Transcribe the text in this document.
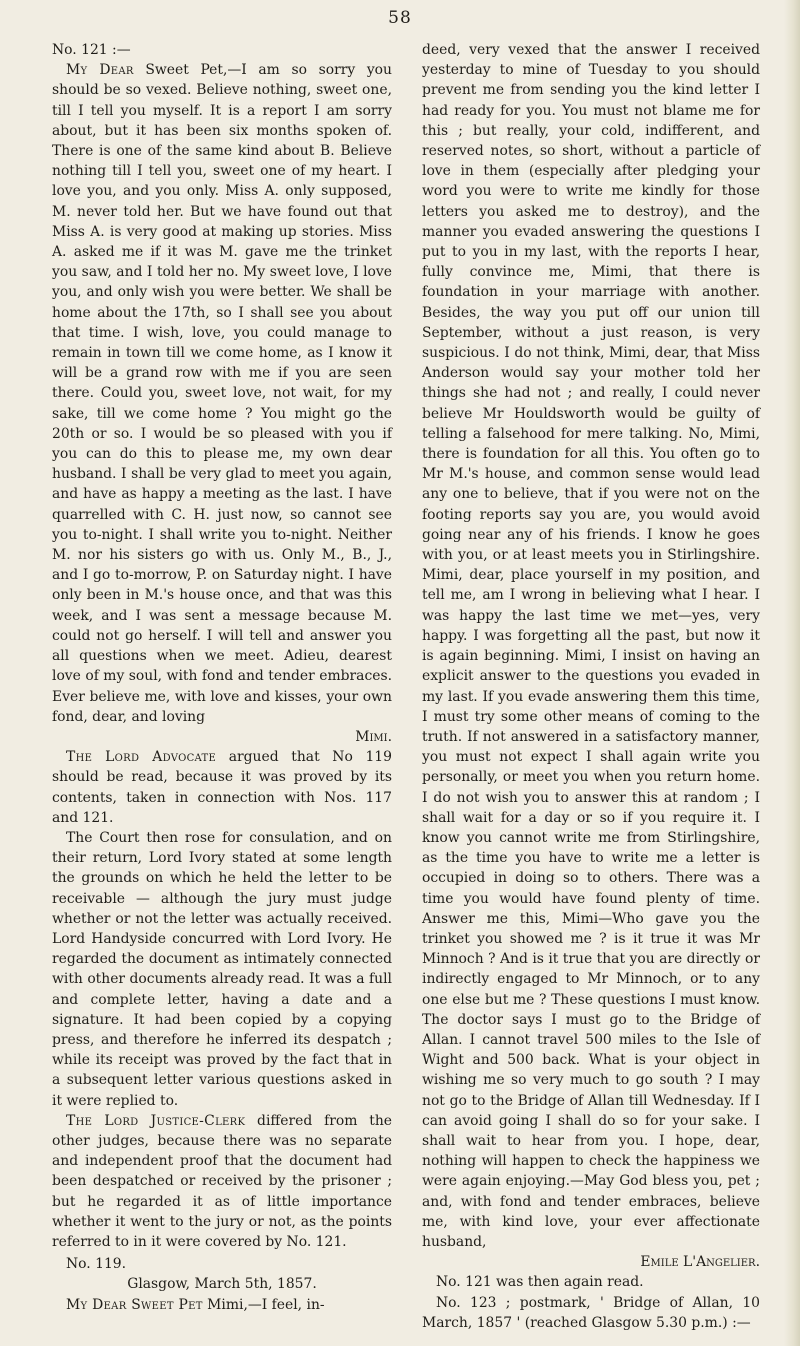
58

No. 121 :—

My Dear Sweet Pet,—I am so sorry you should be so vexed. Believe nothing, sweet one, till I tell you myself. It is a report I am sorry about, but it has been six months spoken of. There is one of the same kind about B. Believe nothing till I tell you, sweet one of my heart. I love you, and you only. Miss A. only supposed, M. never told her. But we have found out that Miss A. is very good at making up stories. Miss A. asked me if it was M. gave me the trinket you saw, and I told her no. My sweet love, I love you, and only wish you were better. We shall be home about the 17th, so I shall see you about that time. I wish, love, you could manage to remain in town till we come home, as I know it will be a grand row with me if you are seen there. Could you, sweet love, not wait, for my sake, till we come home ? You might go the 20th or so. I would be so pleased with you if you can do this to please me, my own dear husband. I shall be very glad to meet you again, and have as happy a meeting as the last. I have quarrelled with C. H. just now, so cannot see you to-night. I shall write you to-night. Neither M. nor his sisters go with us. Only M., B., J., and I go to-morrow, P. on Saturday night. I have only been in M.'s house once, and that was this week, and I was sent a message because M. could not go herself. I will tell and answer you all questions when we meet. Adieu, dearest love of my soul, with fond and tender embraces. Ever believe me, with love and kisses, your own fond, dear, and loving

Mimi.

The Lord Advocate argued that No 119 should be read, because it was proved by its contents, taken in connection with Nos. 117 and 121.

The Court then rose for consulation, and on their return, Lord Ivory stated at some length the grounds on which he held the letter to be receivable — although the jury must judge whether or not the letter was actually received. Lord Handyside concurred with Lord Ivory. He regarded the document as intimately connected with other documents already read. It was a full and complete letter, having a date and a signature. It had been copied by a copying press, and therefore he inferred its despatch ; while its receipt was proved by the fact that in a subsequent letter various questions asked in it were replied to.

The Lord Justice-Clerk differed from the other judges, because there was no separate and independent proof that the document had been despatched or received by the prisoner ; but he regarded it as of little importance whether it went to the jury or not, as the points referred to in it were covered by No. 121.

No. 119.

Glasgow, March 5th, 1857.

My Dear Sweet Pet Mimi,—I feel, in-

deed, very vexed that the answer I received yesterday to mine of Tuesday to you should prevent me from sending you the kind letter I had ready for you. You must not blame me for this ; but really, your cold, indifferent, and reserved notes, so short, without a particle of love in them (especially after pledging your word you were to write me kindly for those letters you asked me to destroy), and the manner you evaded answering the questions I put to you in my last, with the reports I hear, fully convince me, Mimi, that there is foundation in your marriage with another. Besides, the way you put off our union till September, without a just reason, is very suspicious. I do not think, Mimi, dear, that Miss Anderson would say your mother told her things she had not ; and really, I could never believe Mr Houldsworth would be guilty of telling a falsehood for mere talking. No, Mimi, there is foundation for all this. You often go to Mr M.'s house, and common sense would lead any one to believe, that if you were not on the footing reports say you are, you would avoid going near any of his friends. I know he goes with you, or at least meets you in Stirlingshire. Mimi, dear, place yourself in my position, and tell me, am I wrong in believing what I hear. I was happy the last time we met—yes, very happy. I was forgetting all the past, but now it is again beginning. Mimi, I insist on having an explicit answer to the questions you evaded in my last. If you evade answering them this time, I must try some other means of coming to the truth. If not answered in a satisfactory manner, you must not expect I shall again write you personally, or meet you when you return home. I do not wish you to answer this at random ; I shall wait for a day or so if you require it. I know you cannot write me from Stirlingshire, as the time you have to write me a letter is occupied in doing so to others. There was a time you would have found plenty of time. Answer me this, Mimi—Who gave you the trinket you showed me ? is it true it was Mr Minnoch ? And is it true that you are directly or indirectly engaged to Mr Minnoch, or to any one else but me ? These questions I must know. The doctor says I must go to the Bridge of Allan. I cannot travel 500 miles to the Isle of Wight and 500 back. What is your object in wishing me so very much to go south ? I may not go to the Bridge of Allan till Wednesday. If I can avoid going I shall do so for your sake. I shall wait to hear from you. I hope, dear, nothing will happen to check the happiness we were again enjoying.—May God bless you, pet ; and, with fond and tender embraces, believe me, with kind love, your ever affectionate husband,

Emile L'Angelier.

No. 121 was then again read.

No. 123 ; postmark, ' Bridge of Allan, 10 March, 1857 ' (reached Glasgow 5.30 p.m.) :—
